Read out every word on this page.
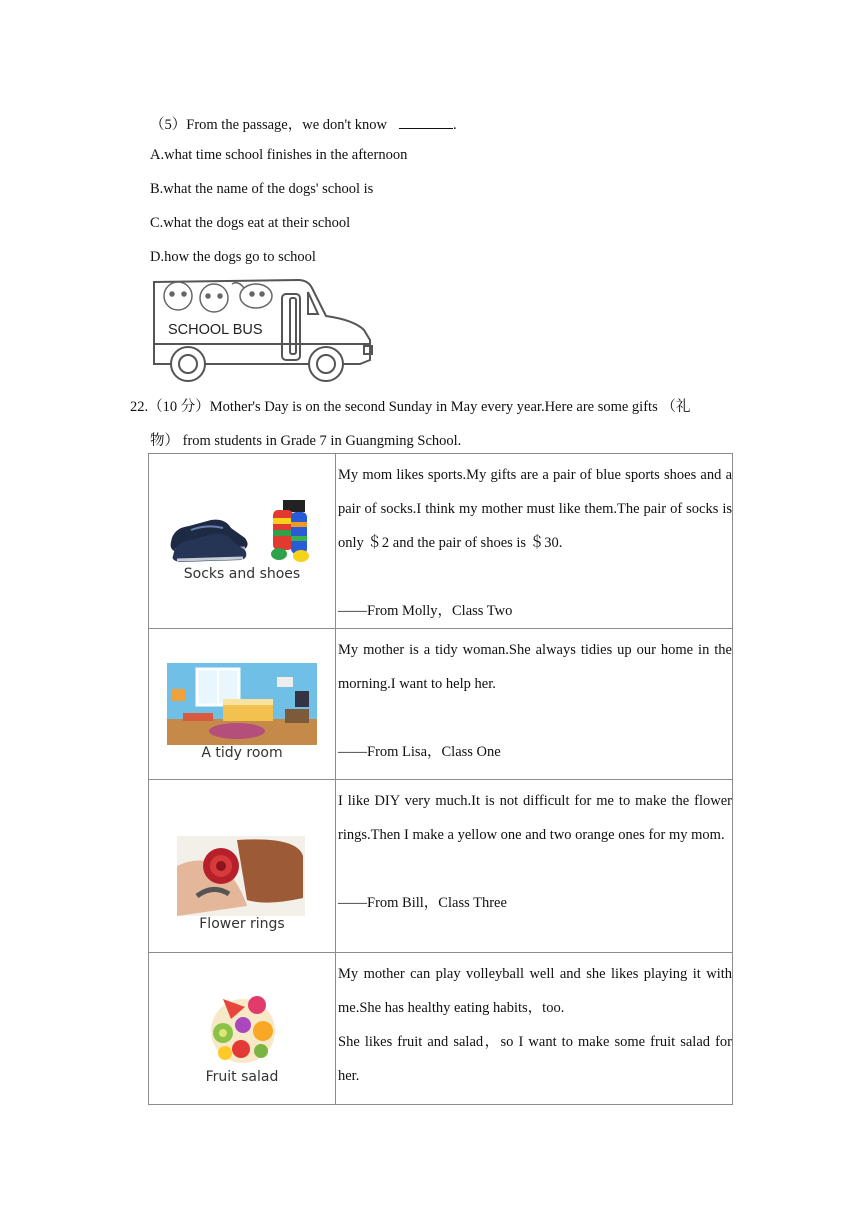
（5）From the passage，we don't know	.
A.what time school finishes in the afternoon
B.what the name of the dogs' school is
C.what the dogs eat at their school
D.how the dogs go to school
SCHOOL BUS
22.（10 分）Mother's Day is on the second Sunday in May every year.Here are some gifts （礼
物） from students in Grade 7 in Guangming School.
Socks and shoes	My mom likes sports.My gifts are a pair of blue sports shoes and a pair of socks.I think my mother must like them.The pair of socks is only ＄2 and the pair of shoes is ＄30.

——From Molly，Class Two

A tidy room	My mother is a tidy woman.She always tidies up our home in the morning.I want to help her.

——From Lisa，Class One

Flower rings	I like DIY very much.It is not difficult for me to make the flower rings.Then I make a yellow one and two orange ones for my mom.

——From Bill，Class Three

Fruit salad	My mother can play volleyball well and she likes playing it with me.She has healthy eating habits，too.

She likes fruit and salad，so I want to make some fruit salad for her.
